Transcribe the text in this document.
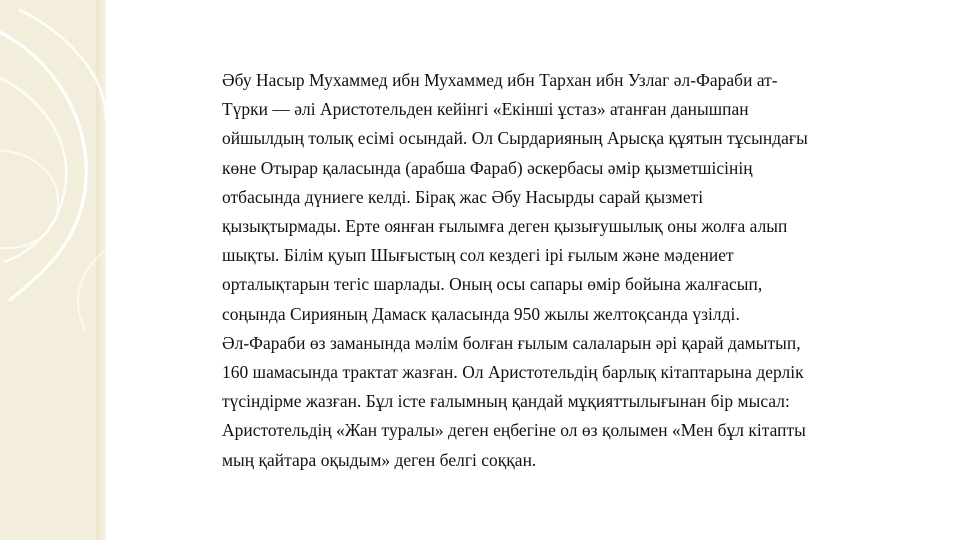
Әбу Насыр Мухаммед ибн Мухаммед ибн Тархан ибн Узлаг әл-Фараби ат-
Түрки — әлі Аристотельден кейінгі «Екінші ұстаз» атанған данышпан
ойшылдың толық есімі осындай. Ол Сырдарияның Арысқа құятын тұсындағы
көне Отырар қаласында (арабша Фараб) әскербасы әмір қызметшісінің
отбасында дүниеге келді. Бірақ жас Әбу Насырды сарай қызметі
қызықтырмады. Ерте оянған ғылымға деген қызығушылық оны жолға алып
шықты. Білім қуып Шығыстың сол кездегі ірі ғылым және мәдениет
орталықтарын тегіс шарлады. Оның осы сапары өмір бойына жалғасып,
соңында Сирияның Дамаск қаласында 950 жылы желтоқсанда үзілді.
Әл-Фараби өз заманында мәлім болған ғылым салаларын әрі қарай дамытып,
160 шамасында трактат жазған. Ол Аристотельдің барлық кітаптарына дерлік
түсіндірме жазған. Бұл істе ғалымның қандай мұқияттылығынан бір мысал:
Аристотельдің «Жан туралы» деген еңбегіне ол өз қолымен «Мен бұл кітапты
мың қайтара оқыдым» деген белгі соққан.
